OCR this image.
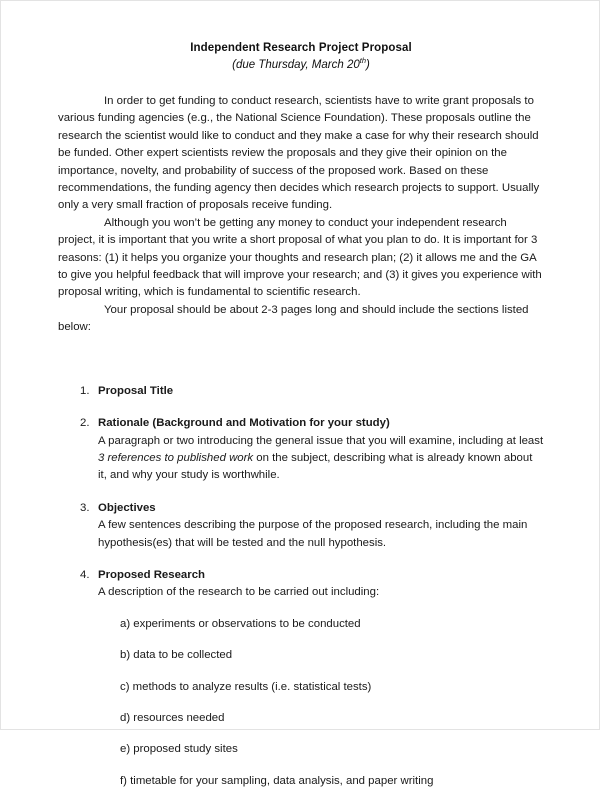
Independent Research Project Proposal
(due Thursday, March 20th)

In order to get funding to conduct research, scientists have to write grant proposals to various funding agencies (e.g., the National Science Foundation). These proposals outline the research the scientist would like to conduct and they make a case for why their research should be funded. Other expert scientists review the proposals and they give their opinion on the importance, novelty, and probability of success of the proposed work. Based on these recommendations, the funding agency then decides which research projects to support. Usually only a very small fraction of proposals receive funding.

Although you won’t be getting any money to conduct your independent research project, it is important that you write a short proposal of what you plan to do. It is important for 3 reasons: (1) it helps you organize your thoughts and research plan; (2) it allows me and the GA to give you helpful feedback that will improve your research; and (3) it gives you experience with proposal writing, which is fundamental to scientific research.

Your proposal should be about 2-3 pages long and should include the sections listed below:

1. Proposal Title
2. Rationale (Background and Motivation for your study)
A paragraph or two introducing the general issue that you will examine, including at least 3 references to published work on the subject, describing what is already known about it, and why your study is worthwhile.
3. Objectives
A few sentences describing the purpose of the proposed research, including the main hypothesis(es) that will be tested and the null hypothesis.
4. Proposed Research
A description of the research to be carried out including:
a) experiments or observations to be conducted
b) data to be collected
c) methods to analyze results (i.e. statistical tests)
d) resources needed
e) proposed study sites
f) timetable for your sampling, data analysis, and paper writing
